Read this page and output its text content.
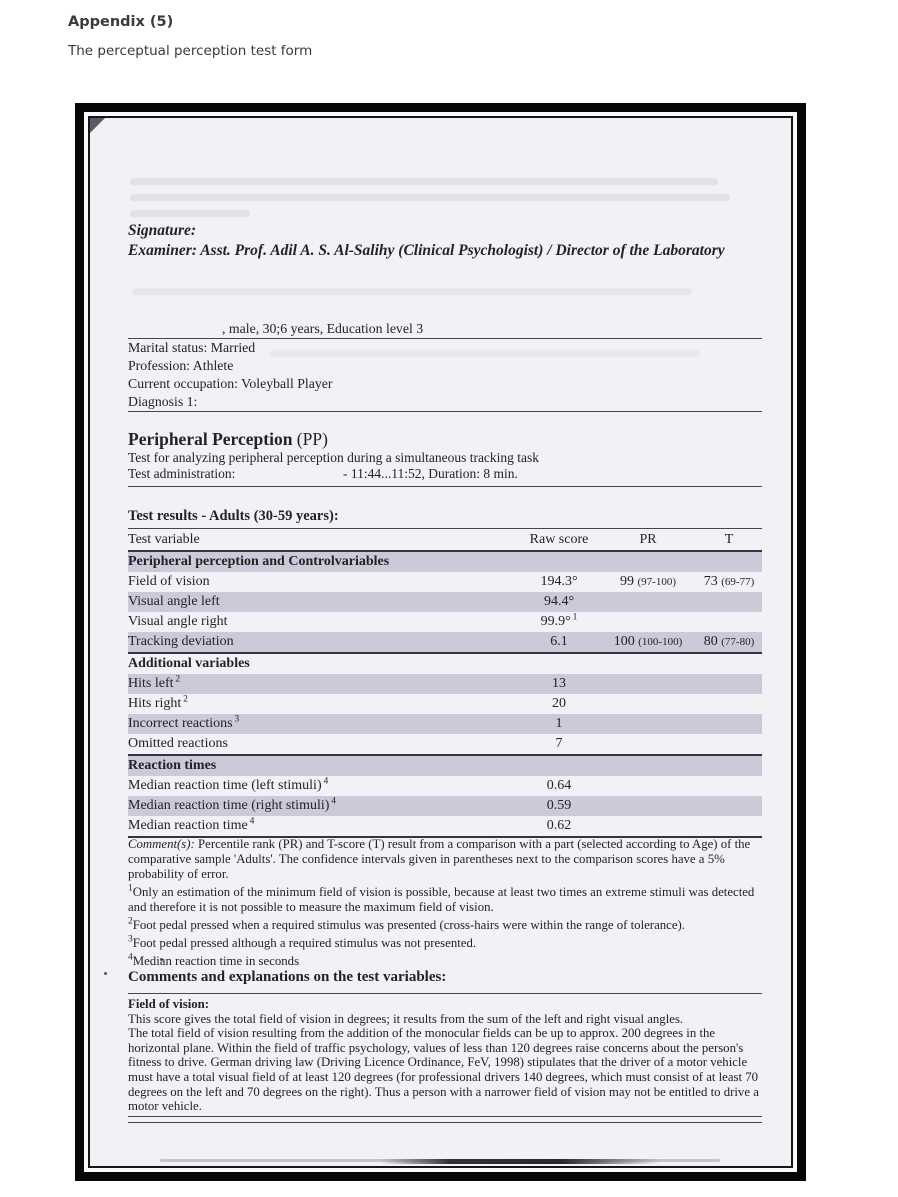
Appendix (5)
The perceptual perception test form
Signature:
Examiner: Asst. Prof. Adil A. S. Al-Salihy (Clinical Psychologist) / Director of the Laboratory
, male, 30;6 years, Education level 3
Marital status: Married
Profession: Athlete
Current occupation: Voleyball Player
Diagnosis 1:
Peripheral Perception (PP)
Test for analyzing peripheral perception during a simultaneous tracking task
Test administration:	- 11:44...11:52, Duration: 8 min.
Test results - Adults (30-59 years):
Test variable	Raw score	PR	T
Peripheral perception and Controlvariables
Field of vision	194.3°	99 (97-100)	73 (69-77)
Visual angle left	94.4°
Visual angle right	99.9° $^1$
Tracking deviation	6.1	100 (100-100)	80 (77-80)
Additional variables
Hits left $^2$	13
Hits right $^2$	20
Incorrect reactions $^3$	1
Omitted reactions	7
Reaction times
Median reaction time (left stimuli) $^4$	0.64
Median reaction time (right stimuli) $^4$	0.59
Median reaction time $^4$	0.62

Comment(s): Percentile rank (PR) and T-score (T) result from a comparison with a part (selected according to Age) of the comparative sample 'Adults'. The confidence intervals given in parentheses next to the comparison scores have a 5% probability of error.

$^1$Only an estimation of the minimum field of vision is possible, because at least two times an extreme stimuli was detected and therefore it is not possible to measure the maximum field of vision.

$^2$Foot pedal pressed when a required stimulus was presented (cross-hairs were within the range of tolerance).

$^3$Foot pedal pressed although a required stimulus was not presented.

$^4$Median reaction time in seconds

Comments and explanations on the test variables:
Field of vision:
This score gives the total field of vision in degrees; it results from the sum of the left and right visual angles.
The total field of vision resulting from the addition of the monocular fields can be up to approx. 200 degrees in the horizontal plane. Within the field of traffic psychology, values of less than 120 degrees raise concerns about the person's fitness to drive. German driving law (Driving Licence Ordinance, FeV, 1998) stipulates that the driver of a motor vehicle must have a total visual field of at least 120 degrees (for professional drivers 140 degrees, which must consist of at least 70 degrees on the left and 70 degrees on the right). Thus a person with a narrower field of vision may not be entitled to drive a motor vehicle.
